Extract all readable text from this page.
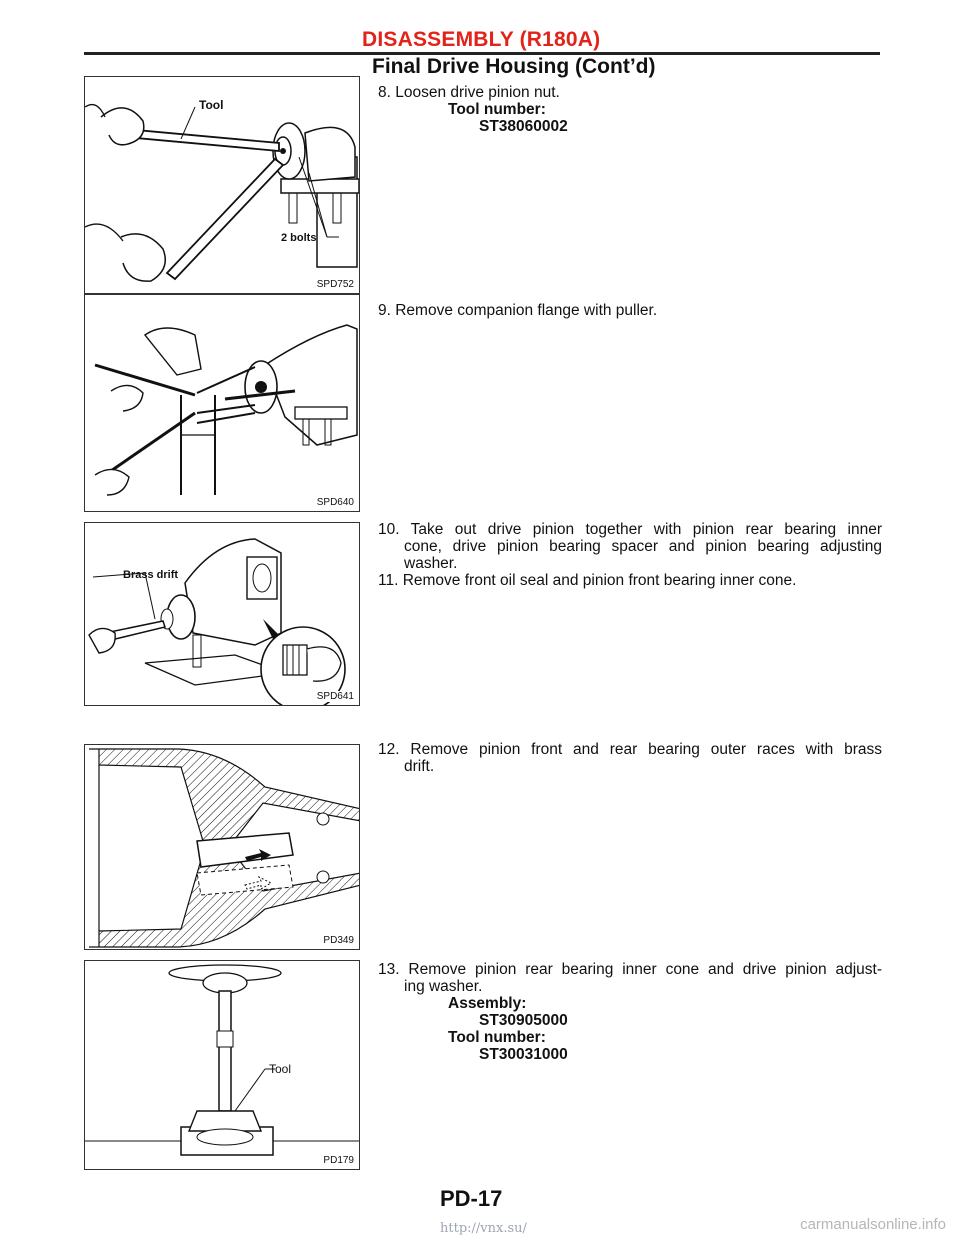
DISASSEMBLY (R180A)
Final Drive Housing (Cont’d)
Tool
2 bolts
SPD752
SPD640
Brass drift
SPD641
PD349
Tool
PD179
8. Loosen drive pinion nut.
Tool number:
ST38060002
9. Remove companion flange with puller.
10. Take out drive pinion together with pinion rear bearing inner
cone, drive pinion bearing spacer and pinion bearing adjusting
washer.
11. Remove front oil seal and pinion front bearing inner cone.
12. Remove pinion front and rear bearing outer races with brass
drift.
13. Remove pinion rear bearing inner cone and drive pinion adjust-
ing washer.
Assembly:
ST30905000
Tool number:
ST30031000
PD-17
http://vnx.su/	carmanualsonline.info
